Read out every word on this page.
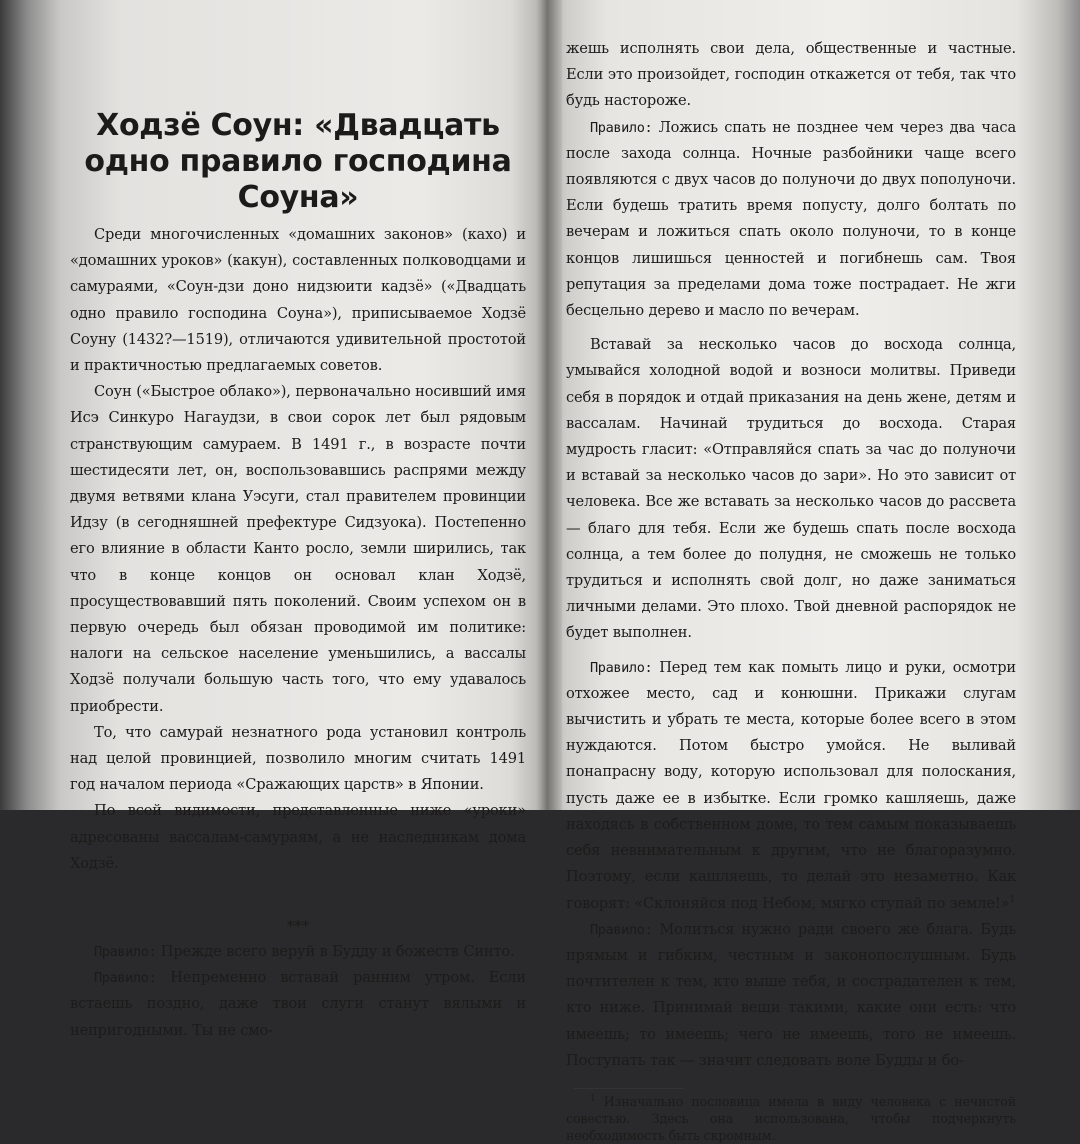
Ходзё Соун: «Двадцать одно правило господина Соуна»

Среди многочисленных «домашних законов» (кахо) и «домашних уроков» (какун), составленных полководцами и самураями, «Соун-дзи доно нидзюити кадзё» («Двадцать одно правило господина Соуна»), приписываемое Ходзё Соуну (1432?—1519), отличаются удивительной простотой и практичностью предлагаемых советов.

Соун («Быстрое облако»), первоначально носивший имя Исэ Синкуро Нагаудзи, в свои сорок лет был рядовым странствующим самураем. В 1491 г., в возрасте почти шестидесяти лет, он, воспользовавшись распрями между двумя ветвями клана Уэсуги, стал правителем провинции Идзу (в сегодняшней префектуре Сидзуока). Постепенно его влияние в области Канто росло, земли ширились, так что в конце концов он основал клан Ходзё, просуществовавший пять поколений. Своим успехом он в первую очередь был обязан проводимой им политике: налоги на сельское население уменьшились, а вассалы Ходзё получали большую часть того, что ему удавалось приобрести.

То, что самурай незнатного рода установил контроль над целой провинцией, позволило многим считать 1491 год началом периода «Сражающих царств» в Японии.

По всей видимости, представленные ниже «уроки» адресованы вассалам-самураям, а не наследникам дома Ходзё.

***

Правило: Прежде всего веруй в Будду и божеств Синто.

Правило: Непременно вставай ранним утром. Если встаешь поздно, даже твои слуги станут вялыми и непригодными. Ты не смо-

жешь исполнять свои дела, общественные и частные. Если это произойдет, господин откажется от тебя, так что будь настороже.

Правило: Ложись спать не позднее чем через два часа после захода солнца. Ночные разбойники чаще всего появляются с двух часов до полуночи до двух пополуночи. Если будешь тратить время попусту, долго болтать по вечерам и ложиться спать около полуночи, то в конце концов лишишься ценностей и погибнешь сам. Твоя репутация за пределами дома тоже пострадает. Не жги бесцельно дерево и масло по вечерам.

Вставай за несколько часов до восхода солнца, умывайся холодной водой и возноси молитвы. Приведи себя в порядок и отдай приказания на день жене, детям и вассалам. Начинай трудиться до восхода. Старая мудрость гласит: «Отправляйся спать за час до полуночи и вставай за несколько часов до зари». Но это зависит от человека. Все же вставать за несколько часов до рассвета — благо для тебя. Если же будешь спать после восхода солнца, а тем более до полудня, не сможешь не только трудиться и исполнять свой долг, но даже заниматься личными делами. Это плохо. Твой дневной распорядок не будет выполнен.

Правило: Перед тем как помыть лицо и руки, осмотри отхожее место, сад и конюшни. Прикажи слугам вычистить и убрать те места, которые более всего в этом нуждаются. Потом быстро умойся. Не выливай понапрасну воду, которую использовал для полоскания, пусть даже ее в избытке. Если громко кашляешь, даже находясь в собственном доме, то тем самым показываешь себя невнимательным к другим, что не благоразумно. Поэтому, если кашляешь, то делай это незаметно. Как говорят: «Склоняйся под Небом, мягко ступай по земле!»$^1$

Правило: Молиться нужно ради своего же блага. Будь прямым и гибким, честным и законопослушным. Будь почтителен к тем, кто выше тебя, и сострадателен к тем, кто ниже. Принимай вещи такими, какие они есть: что имеешь; то имеешь; чего не имеешь, того не имеешь. Поступать так — значит следовать воле Будды и бо-

$^1$ Изначально пословица имела в виду человека с нечистой совестью. Здесь она использована, чтобы подчеркнуть необходимость быть скромным.
